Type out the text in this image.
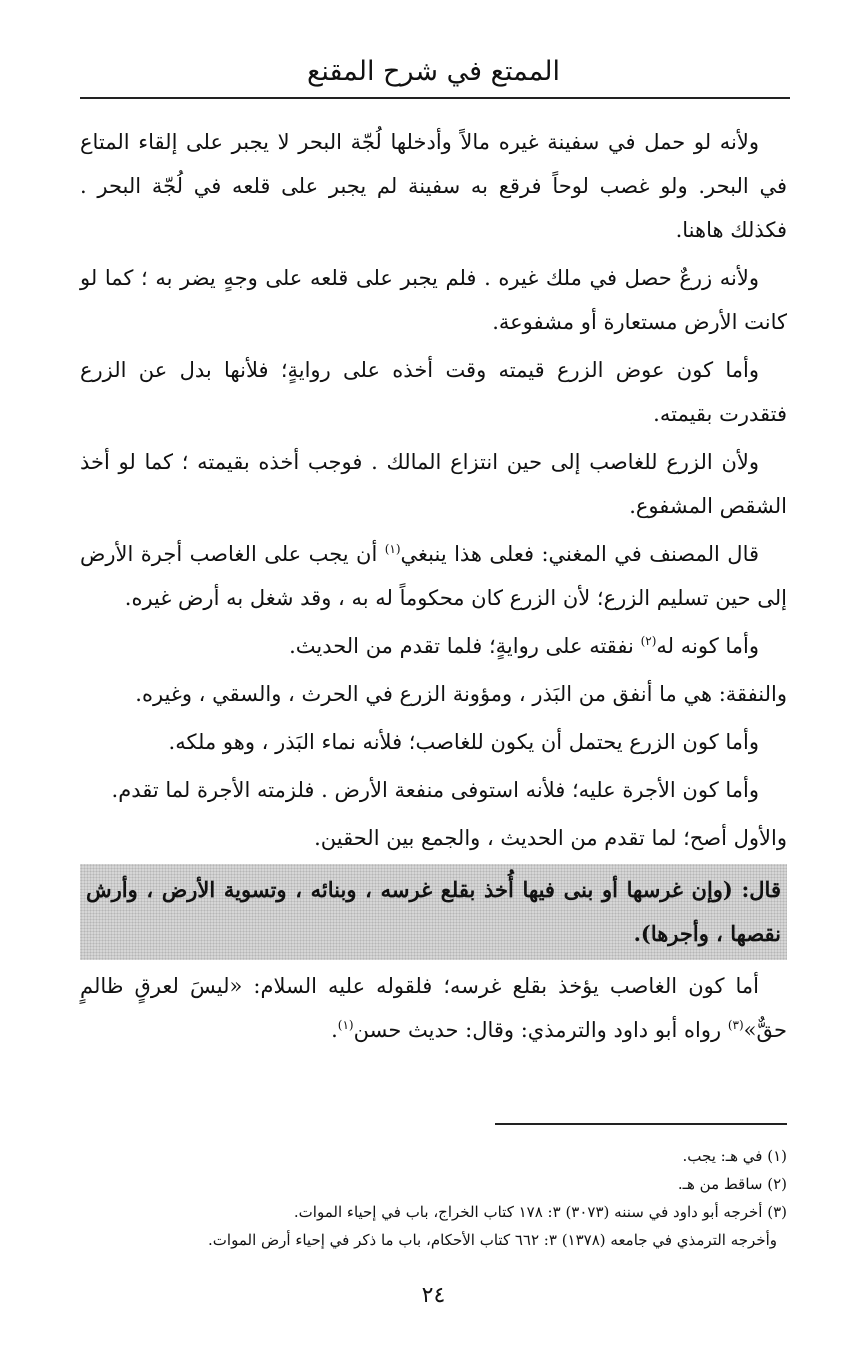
الممتع في شرح المقنع

ولأنه لو حمل في سفينة غيره مالاً وأدخلها لُجّة البحر لا يجبر على إلقاء المتاع في البحر. ولو غصب لوحاً فرقع به سفينة لم يجبر على قلعه في لُجّة البحر . فكذلك هاهنا.

ولأنه زرعٌ حصل في ملك غيره . فلم يجبر على قلعه على وجهٍ يضر به ؛ كما لو كانت الأرض مستعارة أو مشفوعة.

وأما كون عوض الزرع قيمته وقت أخذه على روايةٍ؛ فلأنها بدل عن الزرع فتقدرت بقيمته.

ولأن الزرع للغاصب إلى حين انتزاع المالك . فوجب أخذه بقيمته ؛ كما لو أخذ الشقص المشفوع.

قال المصنف في المغني: فعلى هذا ينبغي$^{(١)}$ أن يجب على الغاصب أجرة الأرض إلى حين تسليم الزرع؛ لأن الزرع كان محكوماً له به ، وقد شغل به أرض غيره.

وأما كونه له$^{(٢)}$ نفقته على روايةٍ؛ فلما تقدم من الحديث.

والنفقة: هي ما أنفق من البَذر ، ومؤونة الزرع في الحرث ، والسقي ، وغيره.

وأما كون الزرع يحتمل أن يكون للغاصب؛ فلأنه نماء البَذر ، وهو ملكه.

وأما كون الأجرة عليه؛ فلأنه استوفى منفعة الأرض . فلزمته الأجرة لما تقدم.

والأول أصح؛ لما تقدم من الحديث ، والجمع بين الحقين.

قال: (وإن غرسها أو بنى فيها أُخذ بقلع غرسه ، وبنائه ، وتسوية الأرض ، وأرش نقصها ، وأجرها).

أما كون الغاصب يؤخذ بقلع غرسه؛ فلقوله عليه السلام: «ليسَ لعرقٍ ظالمٍ حقٌّ»$^{(٣)}$ رواه أبو داود والترمذي: وقال: حديث حسن$^{(١)}$.

(١) في هـ: يجب.
(٢) ساقط من هـ.
(٣) أخرجه أبو داود في سننه (٣٠٧٣) ٣: ١٧٨ كتاب الخراج، باب في إحياء الموات.
وأخرجه الترمذي في جامعه (١٣٧٨) ٣: ٦٦٢ كتاب الأحكام، باب ما ذكر في إحياء أرض الموات.
٢٤
